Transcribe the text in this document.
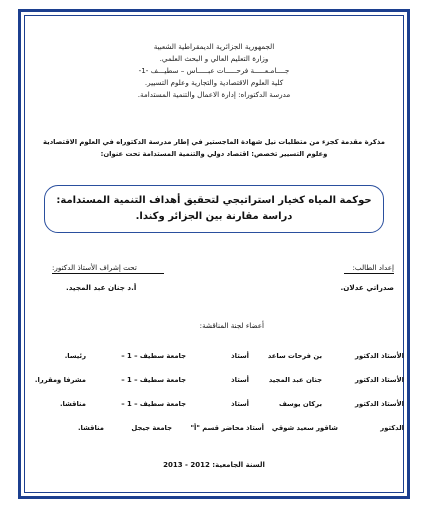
الجمهورية الجزائرية الديمقراطية الشعبية
وزارة التعليم العالي و البحث العلمي.
جــــامـعـــــة فرحـــــات عبـــــاس – سطيـــف -1-
كلية العلوم الاقتصادية والتجارية وعلوم التسيير.
مدرسة الدكتوراه: إدارة الاعمال والتنمية المستدامة.
مذكرة مقدمة كجزء من متطلبات نيل شهادة الماجستير في إطار مدرسة الدكتوراه في العلوم الاقتصادية
وعلوم التسيير تخصص: اقتصاد دولي والتنمية المستدامة تحت عنوان:
حوكمة المياه كخيار استراتيجي لتحقيق أهداف التنمية المستدامة:
دراسة مقارنة بين الجزائر وكندا.
إعداد الطالب:
صدراتي عدلان.
تحت إشراف الأستاذ الدكتور:
أ.د جنان عبد المجيد.
أعضاء لجنة المناقشة:
الأستاذ الدكتور
بن فرحات ساعد
أستاذ
جامعة سطيف – 1 –
رئيسا.
الأستاذ الدكتور
جنان عبد المجيد
أستاذ
جامعة سطيف – 1 –
مشرفا ومقررا.
الأستاذ الدكتور
بركان يوسف
أستاذ
جامعة سطيف – 1 –
مناقشا.
الدكتور
شاقور سعيد شوقي
أستاذ محاضر قسم "أ"
جامعة جيجل
مناقشا.
السنة الجامعية: 2012 - 2013
